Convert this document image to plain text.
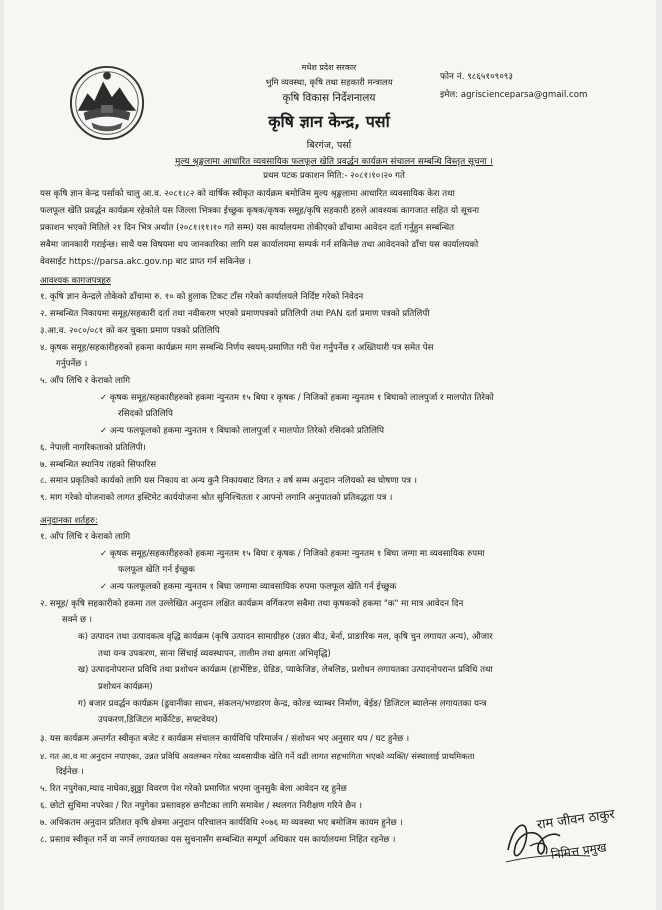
मधेश प्रदेश सरकार
भुमि व्यवस्था, कृषि तथा सहकारी मन्त्रालय
कृषि विकास निर्देशनालय
कृषि ज्ञान केन्द्र, पर्सा
बिरगंज, पर्सा
फोन नं. ९८६५१०९०९३
इमेल: agriscienceparsa@gmail.com
मुल्य श्रृङ्खलामा आधारित व्यवसायिक फलफूल खेति प्रवर्द्धन कार्यक्रम संचालन सम्बन्धि विस्तृत सूचना ।
प्रथम पटक प्रकाशन मिति:- २०८१।१०।२० गते
यस कृषि ज्ञान केन्द्र पर्साको चालु आ.व. २०८१।८२ को वार्षिक स्वीकृत कार्यक्रम बमोजिम मुल्य श्रृङ्खलामा आधारित व्यवसायिक केरा तथा
फलफूल खेति प्रवर्द्धन कार्यक्रम रहेकोले यस जिल्ला भित्रका ईच्छुक कृषक/कृषक समूह/कृषि सहकारी हरुले आवश्यक कागजात सहित यो सूचना
प्रकाशन भएको मितिले २१ दिन भित्र अर्थात (२०८१।११।१० गते सम्म) यस कार्यालयमा तोकीएको ढाँचामा आवेदन दर्ता गर्नुहुन सम्बन्धित
सबैमा जानकारी गराईन्छ। साथै यस विषयमा थप जानकारिका लागि यस कार्यालयमा सम्पर्क गर्न सकिनेछ तथा आवेदनको ढाँचा यस कार्यालयको
वेवसाईट https://parsa.akc.gov.np बाट प्राप्त गर्न सकिनेछ ।
आवश्यक कागजपत्रहरु
१. कृषि ज्ञान केन्द्रले तोकेको ढाँचामा रु. १० को हुलाक टिकट टाँस गरेको कार्यालयले निर्दिष्ट गरेको निवेदन
२. सम्बन्धित निकायमा समूह/सहकारी दर्ता तथा नवीकरण भएको प्रमाणपत्रको प्रतिलिपी तथा PAN दर्ता प्रमाण पत्रको प्रतिलिपी
३.आ.व. २०८०/०८१ को कर चुक्ता प्रमाण पत्रको प्रतिलिपि
४. कृषक समूह/सहकारीहरुको हकमा कार्यक्रम माग सम्बन्धि निर्णय स्वयम्-प्रमाणित गरी पेश गर्नुपर्नेछ र अख्तियारी पत्र समेत पेस
गर्नुपर्नेछ ।
५. आँप लिचि र केराको लागि
✓ कृषक समूह/सहकारीहरुको हकमा न्युनतम १५ बिघा र कृषक / निजिको हकमा न्युनतम १ बिघाको लालपुर्जा र मालपोत तिरेको
रसिदको प्रतिलिपि
✓ अन्य फलफूलको हकमा न्युनतम १ बिघाको लालपुर्जा र मालपोत तिरेको रसिदको प्रतिलिपि
६. नेपाली नागरिकताको प्रतिलिपी।
७. सम्बन्धित स्थानिय तहको सिफारिस
८. समान प्रकृतिको कार्यको लागि यस निकाय वा अन्य कुनै निकायबाट विगत २ वर्ष सम्म अनुदान नलियको स्व घोषणा पत्र ।
९. माग गरेको योजनाको लागत इस्टिमेट कार्ययोजना श्रोत सुनिश्चितता र आफ्नो लगानि अनुपातको प्रतिवद्धता पत्र ।
अनुदानका शर्तहरु:
१. आँप लिचि र केराको लागि
✓ कृषक समूह/सहकारीहरुको हकमा न्युनतम १५ बिघा र कृषक / निजिको हकमा न्युनतम १ बिघा जग्गा मा व्यवसायिक रुपमा
फलफूल खेति गर्न ईच्छुक
✓ अन्य फलफूलको हकमा न्युनतम १ बिघा जग्गामा व्यावसायिक रुपमा फलफूल खेति गर्न ईच्छुक
२. समूह/ कृषि सहकारीको हकमा तल उल्लेखित अनुदान लक्षित कार्यक्रम वर्गिकरण सबैमा तथा कृषकको हकमा "क" मा मात्र आवेदन दिन
सक्ने छ ।
क) उत्पादन तथा उत्पादकत्व वृद्धि कार्यक्रम (कृषि उत्पादन सामाग्रीहरु (उन्नत बीउ, बेर्ना, प्राङारिक मल, कृषि चुन लगायत अन्य), औजार
तथा यन्त्र उपकरण, साना सिंचाई व्यवस्थापन, तालीम तथा क्षमता अभिवृद्धि)
ख) उत्पादनोपरान्त प्रविधि तथा प्रशोधन कार्यक्रम (हार्भेष्टिङ, ग्रेडिङ, प्याकेजिङ, लेबलिङ, प्रशोधन लगायतका उत्पादनोपरान्त प्रविधि तथा
प्रशोधन कार्यक्रम)
ग) बजार प्रवर्द्धन कार्यक्रम (ढुवानीका साधन, संकलन/भण्डारण केन्द्र, कोल्ड च्याम्बर निर्माण, बेईङ/ डिजिटल ब्यालेन्स लगायतका यन्त्र
उपकरण,डिजिटल मार्केटिङ, सफ्टवेयर)
३. यस कार्यक्रम अन्तर्गत स्वीकृत बजेट र कार्यक्रम संचालन कार्यविधि परिमार्जन / संशोधन भए अनुसार थप / घट हुनेछ ।
४. गत आ.व मा अनुदान नपाएका, उन्नत प्रविधि अवलम्बन गरेका व्यवसायीक खेति गर्ने वढी लागत सहभागिता भएको व्यक्ति/ संस्थालाई प्राथमिकता
दिईनेछ ।
५. रित नपुगेका,म्याद नाघेका,झुठ्ठा विवरण पेश गरेको प्रमाणित भएमा जुनसुकै बेला आवेदन रद्द हुनेछ
६. छोटो सुचिमा नपरेका / रित नपुगेका प्रस्तावहरु छनौटका लागि समावेश / स्थलगत निरीक्षण गरिने छैन ।
७. अधिकतम अनुदान प्रतिशत कृषि क्षेत्रमा अनुदान परिचालन कार्यविधि २०७६ मा व्यवस्था भए बमोजिम कायम हुनेछ ।
८. प्रस्ताव स्वीकृत गर्ने वा नगर्ने लगायतका यस सुचनासँग सम्बन्धित सम्पूर्ण अधिकार यस कार्यालयमा निहित रहनेछ ।
राम जीवन ठाकुर
निमित्त प्रमुख
